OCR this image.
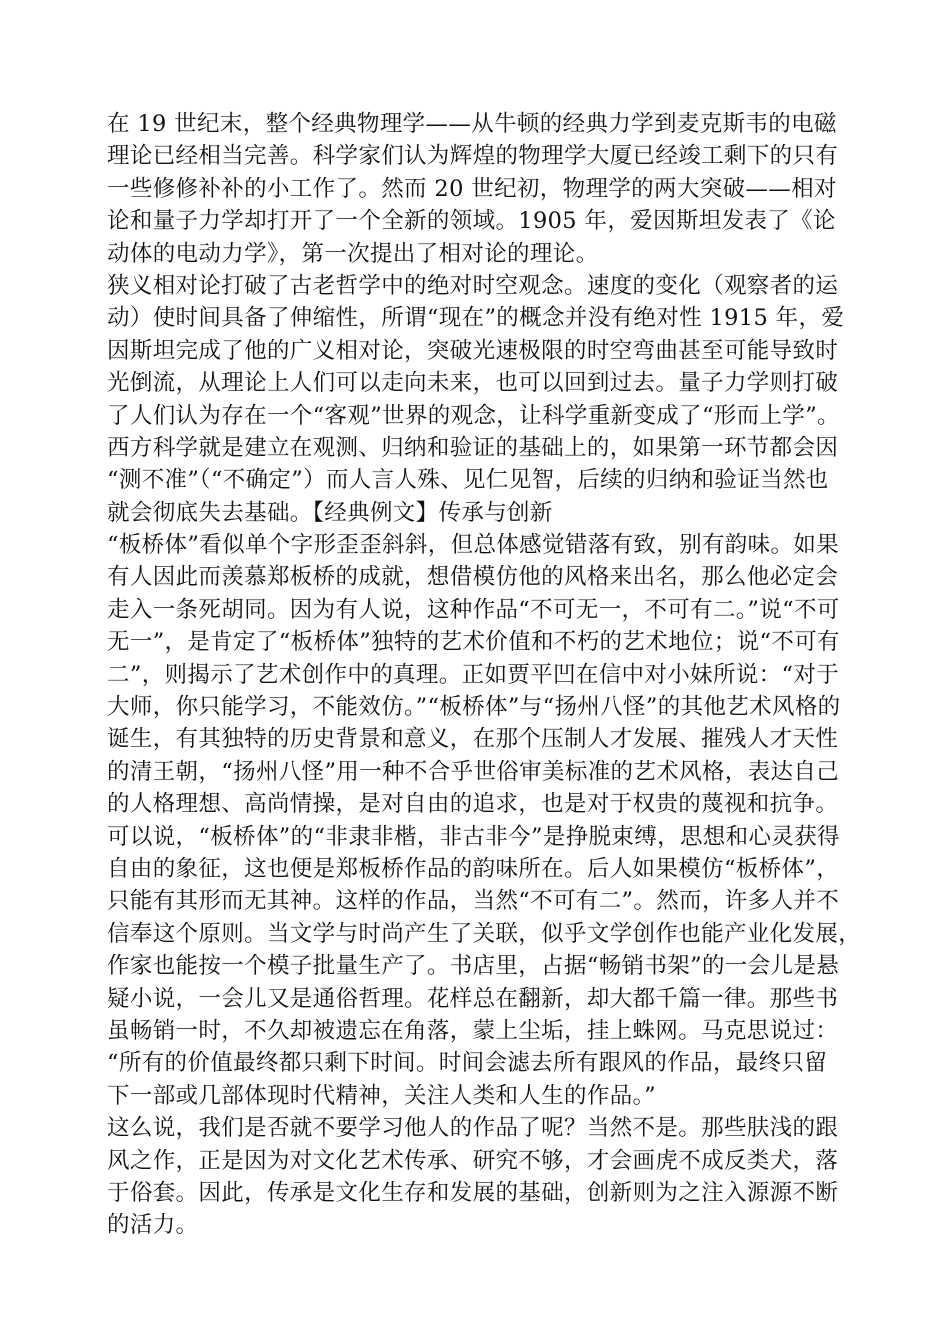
在 19 世纪末，整个经典物理学——从牛顿的经典力学到麦克斯韦的电磁
理论已经相当完善。科学家们认为辉煌的物理学大厦已经竣工剩下的只有
一些修修补补的小工作了。然而 20 世纪初，物理学的两大突破——相对
论和量子力学却打开了一个全新的领域。1905 年，爱因斯坦发表了《论
动体的电动力学》，第一次提出了相对论的理论。
狭义相对论打破了古老哲学中的绝对时空观念。速度的变化（观察者的运
动）使时间具备了伸缩性，所谓“现在”的概念并没有绝对性 1915 年，爱
因斯坦完成了他的广义相对论，突破光速极限的时空弯曲甚至可能导致时
光倒流，从理论上人们可以走向未来，也可以回到过去。量子力学则打破
了人们认为存在一个“客观”世界的观念，让科学重新变成了“形而上学”。
西方科学就是建立在观测、归纳和验证的基础上的，如果第一环节都会因
“测不准”（“不确定”）而人言人殊、见仁见智，后续的归纳和验证当然也
就会彻底失去基础。【经典例文】传承与创新
“板桥体”看似单个字形歪歪斜斜，但总体感觉错落有致，别有韵味。如果
有人因此而羡慕郑板桥的成就，想借模仿他的风格来出名，那么他必定会
走入一条死胡同。因为有人说，这种作品“不可无一，不可有二。”说“不可
无一”，是肯定了“板桥体”独特的艺术价值和不朽的艺术地位；说“不可有
二”，则揭示了艺术创作中的真理。正如贾平凹在信中对小妹所说：“对于
大师，你只能学习，不能效仿。”“板桥体”与“扬州八怪”的其他艺术风格的
诞生，有其独特的历史背景和意义，在那个压制人才发展、摧残人才天性
的清王朝，“扬州八怪”用一种不合乎世俗审美标准的艺术风格，表达自己
的人格理想、高尚情操，是对自由的追求，也是对于权贵的蔑视和抗争。
可以说，“板桥体”的“非隶非楷，非古非今”是挣脱束缚，思想和心灵获得
自由的象征，这也便是郑板桥作品的韵味所在。后人如果模仿“板桥体”，
只能有其形而无其神。这样的作品，当然“不可有二”。然而，许多人并不
信奉这个原则。当文学与时尚产生了关联，似乎文学创作也能产业化发展，
作家也能按一个模子批量生产了。书店里，占据“畅销书架”的一会儿是悬
疑小说，一会儿又是通俗哲理。花样总在翻新，却大都千篇一律。那些书
虽畅销一时，不久却被遗忘在角落，蒙上尘垢，挂上蛛网。马克思说过：
“所有的价值最终都只剩下时间。时间会滤去所有跟风的作品，最终只留
下一部或几部体现时代精神，关注人类和人生的作品。”
这么说，我们是否就不要学习他人的作品了呢？当然不是。那些肤浅的跟
风之作，正是因为对文化艺术传承、研究不够，才会画虎不成反类犬，落
于俗套。因此，传承是文化生存和发展的基础，创新则为之注入源源不断
的活力。
